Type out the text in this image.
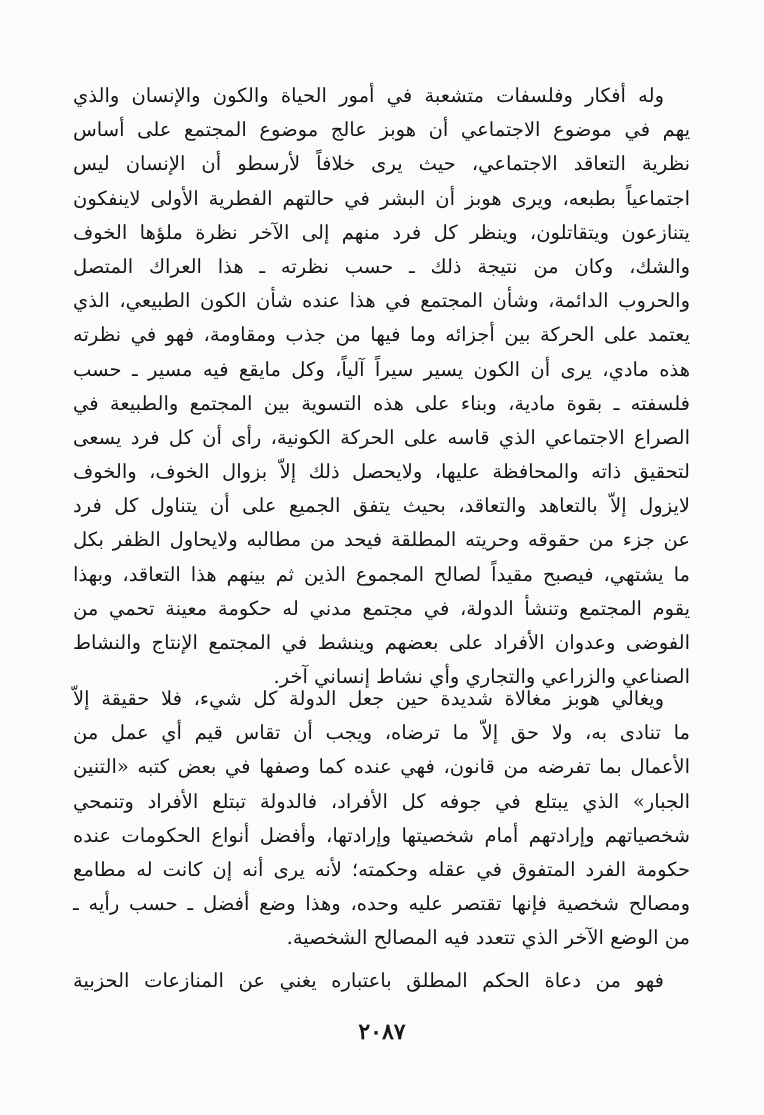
وله أفكار وفلسفات متشعبة في أمور الحياة والكون والإنسان والذي
يهم في موضوع الاجتماعي أن هوبز عالج موضوع المجتمع على أساس
نظرية التعاقد الاجتماعي، حيث يرى خلافاً لأرسطو أن الإنسان ليس
اجتماعياً بطبعه، ويرى هوبز أن البشر في حالتهم الفطرية الأولى لاينفكون
يتنازعون ويتقاتلون، وينظر كل فرد منهم إلى الآخر نظرة ملؤها الخوف
والشك، وكان من نتيجة ذلك ـ حسب نظرته ـ هذا العراك المتصل
والحروب الدائمة، وشأن المجتمع في هذا عنده شأن الكون الطبيعي، الذي
يعتمد على الحركة بين أجزائه وما فيها من جذب ومقاومة، فهو في نظرته
هذه مادي، يرى أن الكون يسير سيراً آلياً، وكل مايقع فيه مسير ـ حسب
فلسفته ـ بقوة مادية، وبناء على هذه التسوية بين المجتمع والطبيعة في
الصراع الاجتماعي الذي قاسه على الحركة الكونية، رأى أن كل فرد يسعى
لتحقيق ذاته والمحافظة عليها، ولايحصل ذلك إلاّ بزوال الخوف، والخوف
لايزول إلاّ بالتعاهد والتعاقد، بحيث يتفق الجميع على أن يتناول كل فرد
عن جزء من حقوقه وحريته المطلقة فيحد من مطالبه ولايحاول الظفر بكل
ما يشتهي، فيصبح مقيداً لصالح المجموع الذين ثم بينهم هذا التعاقد، وبهذا
يقوم المجتمع وتنشأ الدولة، في مجتمع مدني له حكومة معينة تحمي من
الفوضى وعدوان الأفراد على بعضهم وينشط في المجتمع الإنتاج والنشاط
الصناعي والزراعي والتجاري وأي نشاط إنساني آخر.
ويغالي هوبز مغالاة شديدة حين جعل الدولة كل شيء، فلا حقيقة إلاّ
ما تنادى به، ولا حق إلاّ ما ترضاه، ويجب أن تقاس قيم أي عمل من
الأعمال بما تفرضه من قانون، فهي عنده كما وصفها في بعض كتبه «التنين
الجبار» الذي يبتلع في جوفه كل الأفراد، فالدولة تبتلع الأفراد وتنمحي
شخصياتهم وإرادتهم أمام شخصيتها وإرادتها، وأفضل أنواع الحكومات عنده
حكومة الفرد المتفوق في عقله وحكمته؛ لأنه يرى أنه إن كانت له مطامع
ومصالح شخصية فإنها تقتصر عليه وحده، وهذا وضع أفضل ـ حسب رأيه ـ
من الوضع الآخر الذي تتعدد فيه المصالح الشخصية.
فهو من دعاة الحكم المطلق باعتباره يغني عن المنازعات الحزبية
٢٠٨٧
